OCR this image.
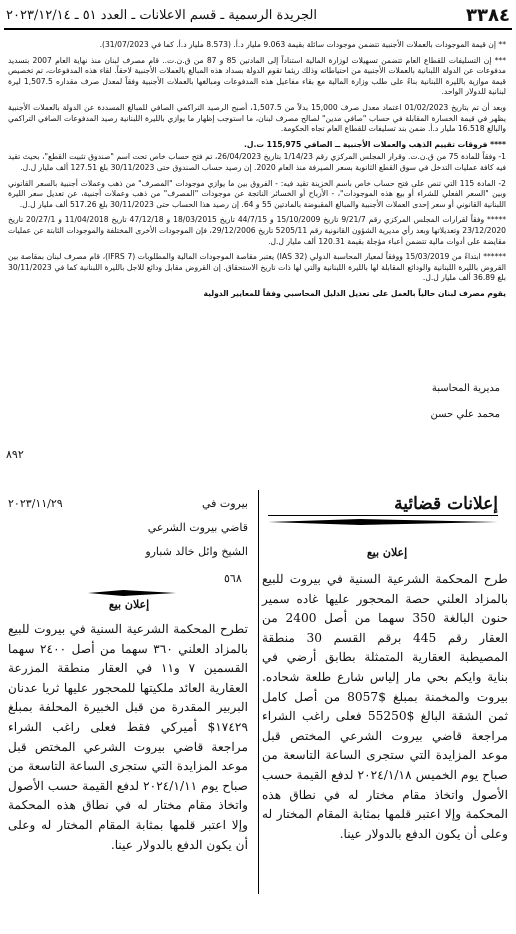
٣٣٨٤
الجريدة الرسمية ـ قسم الاعلانات ـ العدد ٥١ ـ ٢٠٢٣/١٢/١٤

** إن قيمة الموجودات بالعملات الأجنبية تتضمن موجودات سائلة بقيمة 9.063 مليار د.أ. (8.573 مليار د.أ. كما في 31/07/2023).

*** إن التسليفات للقطاع العام تتضمن تسهيلات لوزارة المالية استناداً إلى المادتين 85 و 87 من ق.ن.ت.. قام مصرف لبنان منذ نهاية العام 2007 بتسديد مدفوعات عن الدولة اللبنانية بالعملات الأجنبية من احتياطاته وذلك ريثما تقوم الدولة بسداد هذه المبالغ بالعملات الأجنبية لاحقاً. لقاء هذه المدفوعات، تم تخصيص قيمة موازية بالليرة اللبنانية بناءً على طلب وزارة المالية مع بقاء مفاعيل هذه المدفوعات ومبالغها بالعملات الأجنبية وفقاً لمعدل صرف مقداره 1,507.5 ليرة لبنانية للدولار الواحد.

وبعد أن تم بتاريخ 01/02/2023 اعتماد معدل صرف 15,000 بدلاً من 1,507.5، أصبح الرصيد التراكمي الصافي للمبالغ المسددة عن الدولة بالعملات الأجنبية يظهر في قيمة الخسارة المقابلة في حساب "صافي مدين" لصالح مصرف لبنان، ما استوجب إظهار ما يوازي بالليرة اللبنانية رصيد المدفوعات الصافي التراكمي والبالغ 16.518 مليار د.أ. ضمن بند تسليفات للقطاع العام تجاه الحكومة.

**** فروقات تقييم الذهب والعملات الأجنبية ــ الصافي 115,975 ت.ل.

1- وفقاً للمادة 75 من ق.ن.ت. وقرار المجلس المركزي رقم 1/14/23 بتاريخ 26/04/2023، تم فتح حساب خاص تحت اسم "صندوق تثبيت القطع"، بحيث تقيد فيه كافة عمليات التدخل في سوق القطع الثانوية بسعر الصيرفة منذ العام 2020. إن رصيد حساب الصندوق حتى 30/11/2023 بلغ 127.51 ألف مليار ل.ل.

2- المادة 115 التي تنص على فتح حساب خاص باسم الخزينة تقيد فيه: - الفروق بين ما يوازي موجودات "المصرف" من ذهب وعملات أجنبية بالسعر القانوني وبين "السعر الفعلي للشراء أو بيع هذه الموجودات"، - الأرباح أو الخسائر الناتجة عن موجودات "المصرف" من ذهب وعملات أجنبية، عن تعديل سعر الليرة اللبنانية القانوني أو سعر إحدى العملات الأجنبية والمبالغ المقبوضة بالمادتين 55 و 64. إن رصيد هذا الحساب حتى 30/11/2023 بلغ 517.26 ألف مليار ل.ل.

***** وفقاً لقرارات المجلس المركزي رقم 9/21/7 تاريخ 15/10/2009 و 44/7/15 تاريخ 18/03/2015 و 47/12/18 تاريخ 11/04/2018 و 20/27/1 تاريخ 23/12/2020 وتعديلاتها وبعد رأي مديرية الشؤون القانونية رقم 5205/11 تاريخ 29/12/2006، فإن الموجودات الأخرى المختلفة والموجودات الثابتة عن عمليات مقايضة على أدوات مالية تتضمن أعباء مؤجلة بقيمة 120.31 ألف مليار ل.ل.

****** ابتداءً من 15/03/2019 ووفقاً لمعيار المحاسبة الدولي (IAS 32) يعتبر مقاصة الموجودات المالية والمطلوبات (IFRS 7)، قام مصرف لبنان بمقاصة بين القروض بالليرة اللبنانية والودائع المقابلة لها بالليرة اللبنانية والتي لها ذات تاريخ الاستحقاق. إن القروض مقابل ودائع للاجل بالليرة اللبنانية كما في 30/11/2023 بلغ 36.89 ألف مليار ل.ل.

يقوم مصرف لبنان حالياً بالعمل على تعديل الدليل المحاسبي وفقاً للمعايير الدولية

مديرية المحاسبة
محمد علي حسن
٨٩٢
إعلانات قضائية
إعلان بيع
طرح المحكمة الشرعية السنية في بيروت للبيع بالمزاد العلني حصة المحجور عليها غاده سمير حنون البالغة 350 سهما من أصل 2400 من العقار رقم 445 برقم القسم 30 منطقة المصيطبة العقارية المتمثلة بطابق أرضي في بناية وايكم بحي مار إلياس شارع طلعة شحاده. بيروت والمخمنة بمبلغ $8057 من أصل كامل ثمن الشقة البالغ $55250 فعلى راغب الشراء مراجعة قاضي بيروت الشرعي المختص قبل موعد المزايدة التي ستجرى الساعة التاسعة من صباح يوم الخميس ٢٠٢٤/١/١٨ لدفع القيمة حسب الأصول واتخاذ مقام مختار له في نطاق هذه المحكمة وإلا اعتبر قلمها بمثابة المقام المختار له وعلى أن يكون الدفع بالدولار عينا.
بيروت في
٢٠٢٣/١١/٢٩
قاضي بيروت الشرعي
الشيخ وائل خالد شبارو
٥٦٨
إعلان بيع
تطرح المحكمة الشرعية السنية في بيروت للبيع بالمزاد العلني ٣٦٠ سهما من أصل ٢٤٠٠ سهما القسمين ٧ و١١ في العقار منطقة المزرعة العقارية العائد ملكيتها للمحجور عليها ثريا عدنان البربير المقدرة من قبل الخبيرة المحلفة بمبلغ ١٧٤٢٩$ أميركي فقط فعلى راغب الشراء مراجعة قاضي بيروت الشرعي المختص قبل موعد المزايدة التي ستجرى الساعة التاسعة من صباح يوم ٢٠٢٤/١/١١ لدفع القيمة حسب الأصول واتخاذ مقام مختار له في نطاق هذه المحكمة وإلا اعتبر قلمها بمثابة المقام المختار له وعلى أن يكون الدفع بالدولار عينا.
